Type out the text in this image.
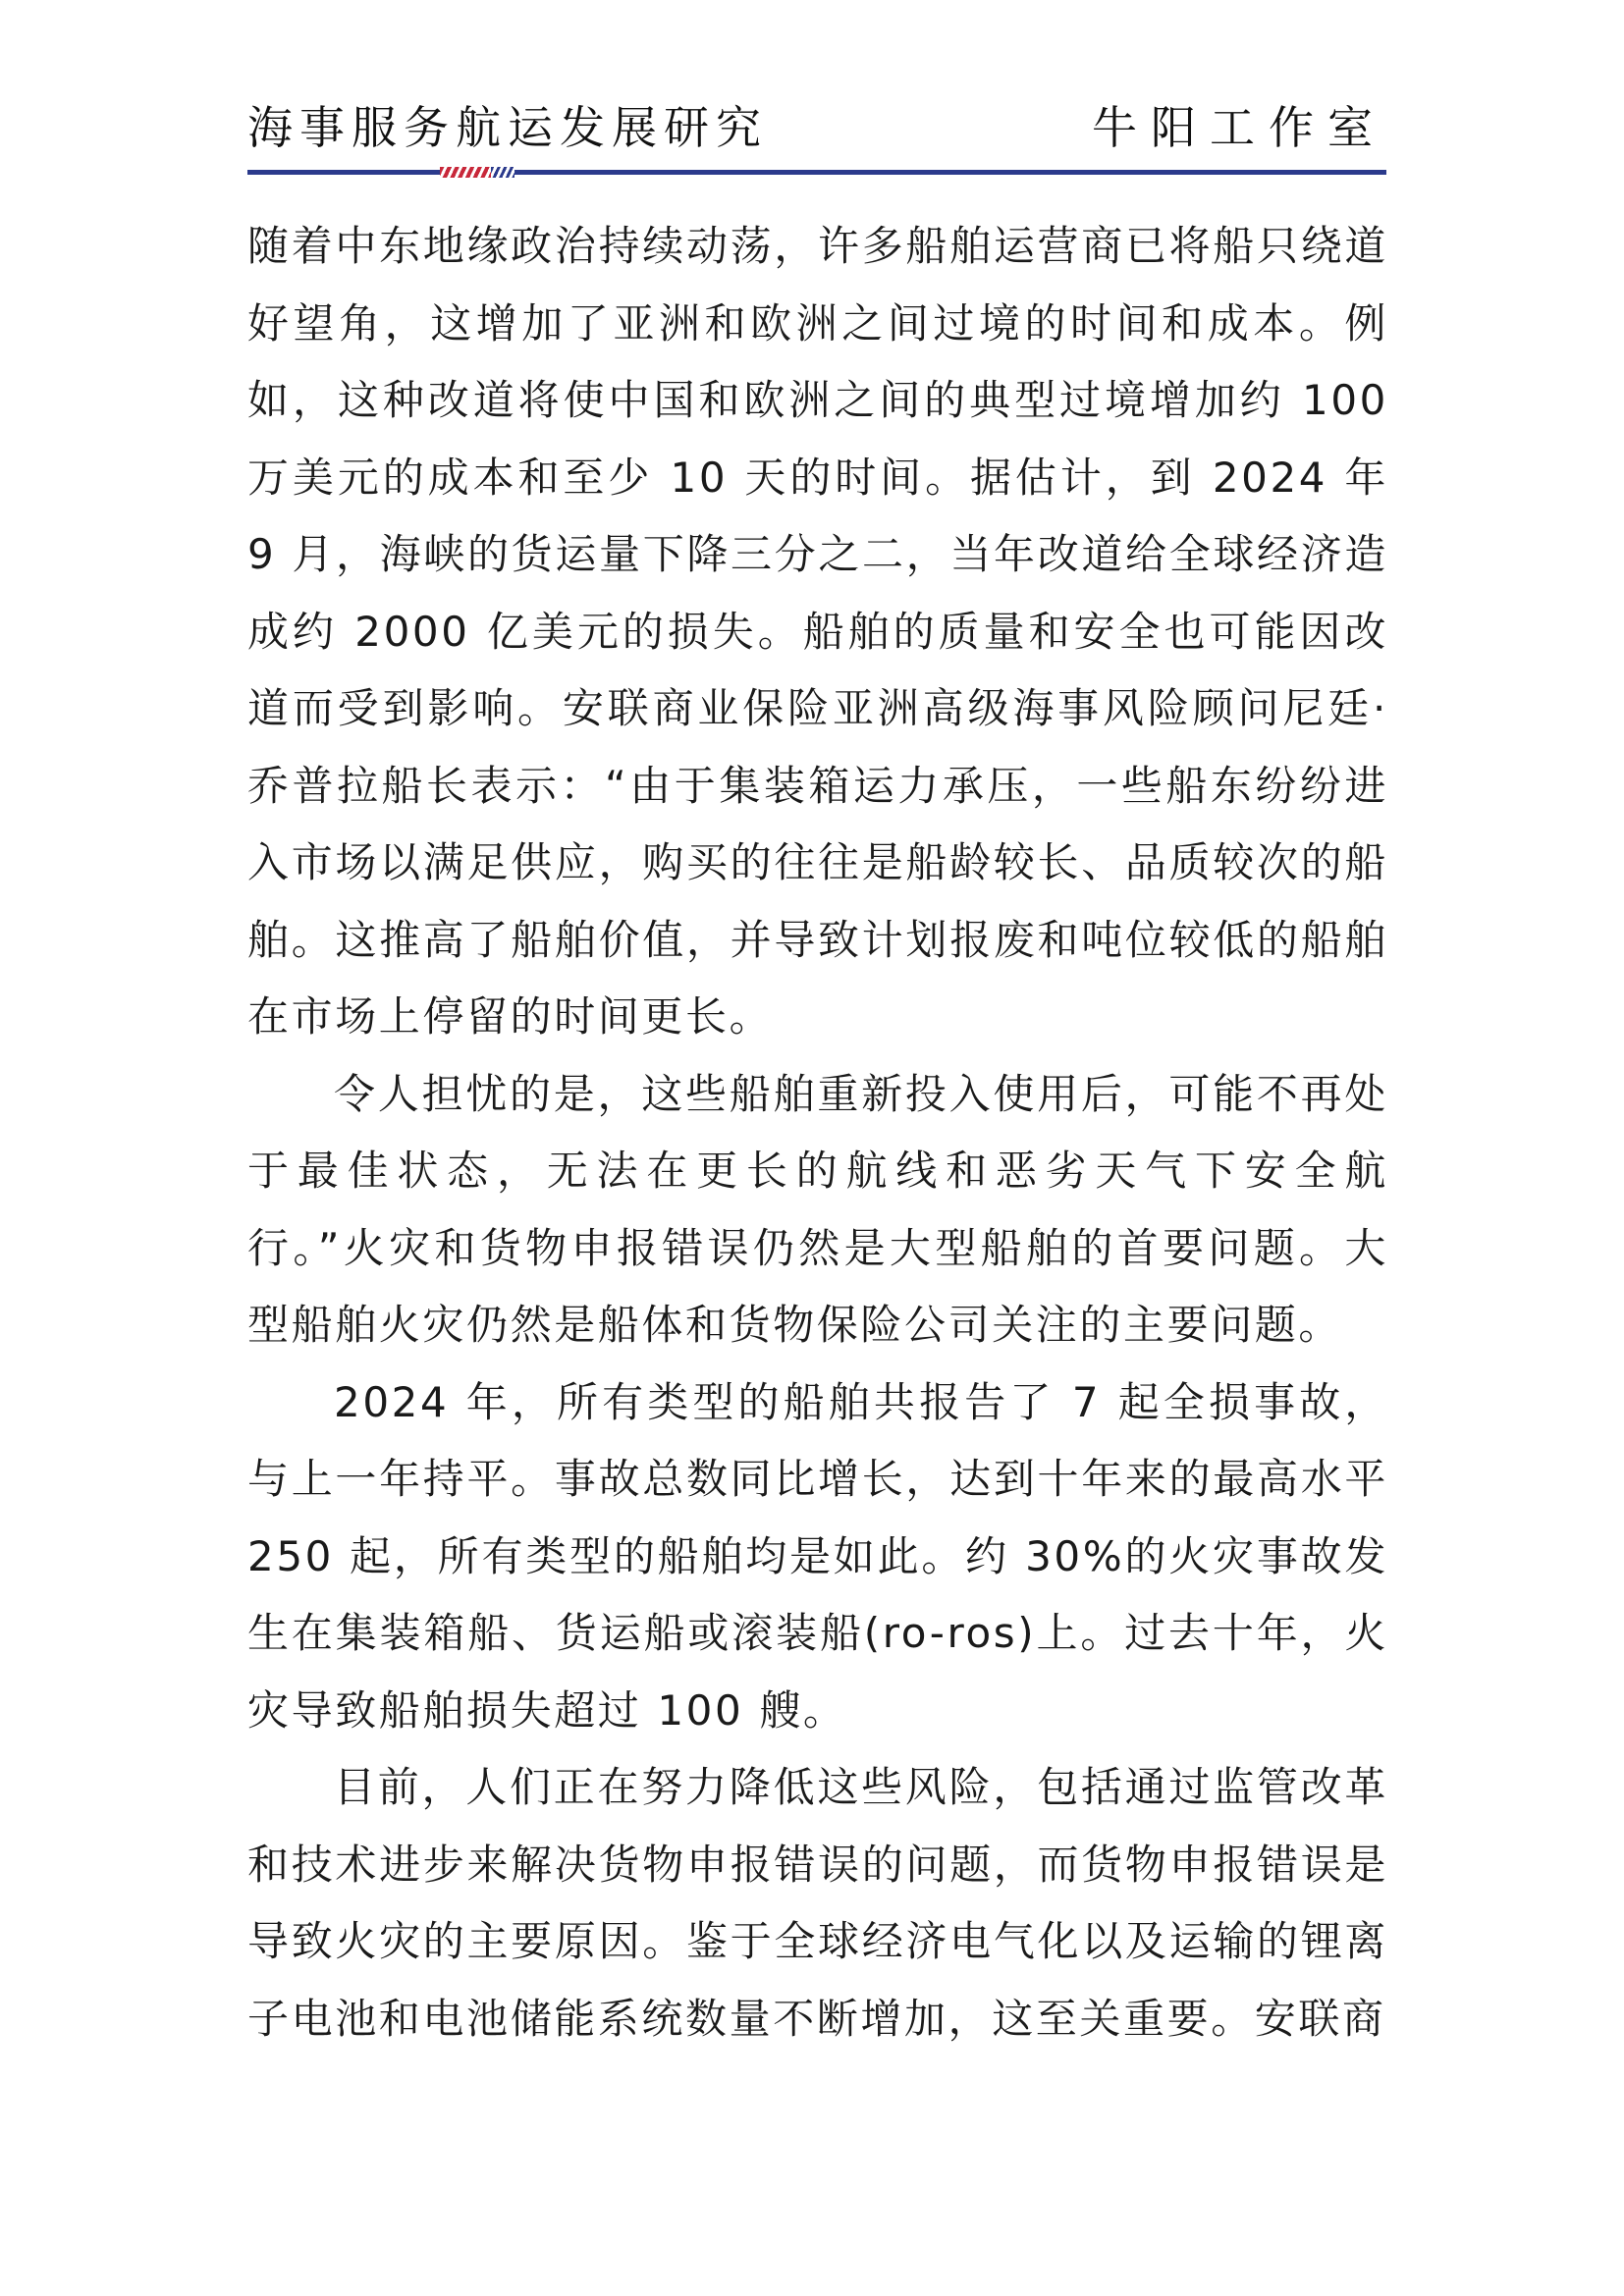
海事服务航运发展研究	牛阳工作室

随着中东地缘政治持续动荡，许多船舶运营商已将船只绕道好望角，这增加了亚洲和欧洲之间过境的时间和成本。例如，这种改道将使中国和欧洲之间的典型过境增加约 100 万美元的成本和至少 10 天的时间。据估计，到 2024 年 9 月，海峡的货运量下降三分之二，当年改道给全球经济造成约 2000 亿美元的损失。船舶的质量和安全也可能因改道而受到影响。安联商业保险亚洲高级海事风险顾问尼廷·乔普拉船长表示：“由于集装箱运力承压，一些船东纷纷进入市场以满足供应，购买的往往是船龄较长、品质较次的船舶。这推高了船舶价值，并导致计划报废和吨位较低的船舶在市场上停留的时间更长。

令人担忧的是，这些船舶重新投入使用后，可能不再处于最佳状态，无法在更长的航线和恶劣天气下安全航行。”火灾和货物申报错误仍然是大型船舶的首要问题。大型船舶火灾仍然是船体和货物保险公司关注的主要问题。

2024 年，所有类型的船舶共报告了 7 起全损事故，与上一年持平。事故总数同比增长，达到十年来的最高水平 250 起，所有类型的船舶均是如此。约 30%的火灾事故发生在集装箱船、货运船或滚装船(ro-ros)上。过去十年，火灾导致船舶损失超过 100 艘。

目前，人们正在努力降低这些风险，包括通过监管改革和技术进步来解决货物申报错误的问题，而货物申报错误是导致火灾的主要原因。鉴于全球经济电气化以及运输的锂离子电池和电池储能系统数量不断增加，这至关重要。安联商
